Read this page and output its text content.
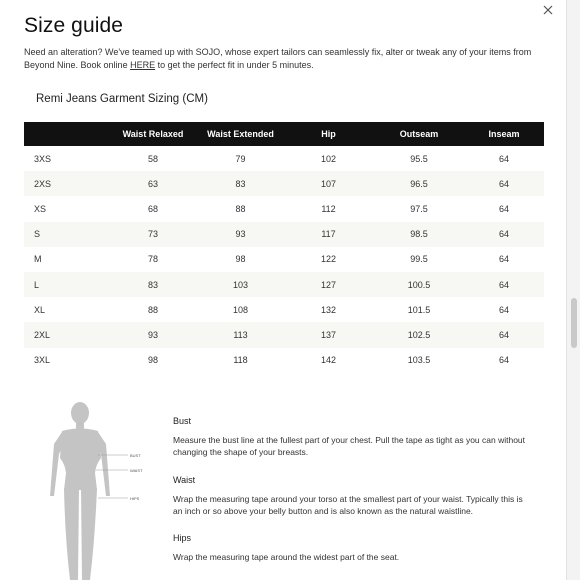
Size guide

Need an alteration? We've teamed up with SOJO, whose expert tailors can seamlessly fix, alter or tweak any of your items from Beyond Nine. Book online HERE to get the perfect fit in under 5 minutes.

Remi Jeans Garment Sizing (CM)
	Waist Relaxed	Waist Extended	Hip	Outseam	Inseam
3XS	58	79	102	95.5	64
2XS	63	83	107	96.5	64
XS	68	88	112	97.5	64
S	73	93	117	98.5	64
M	78	98	122	99.5	64
L	83	103	127	100.5	64
XL	88	108	132	101.5	64
2XL	93	113	137	102.5	64
3XL	98	118	142	103.5	64
BUST
WAIST
HIPS
Bust

Measure the bust line at the fullest part of your chest. Pull the tape as tight as you can without changing the shape of your breasts.

Waist

Wrap the measuring tape around your torso at the smallest part of your waist. Typically this is an inch or so above your belly button and is also known as the natural waistline.

Hips

Wrap the measuring tape around the widest part of the seat.
